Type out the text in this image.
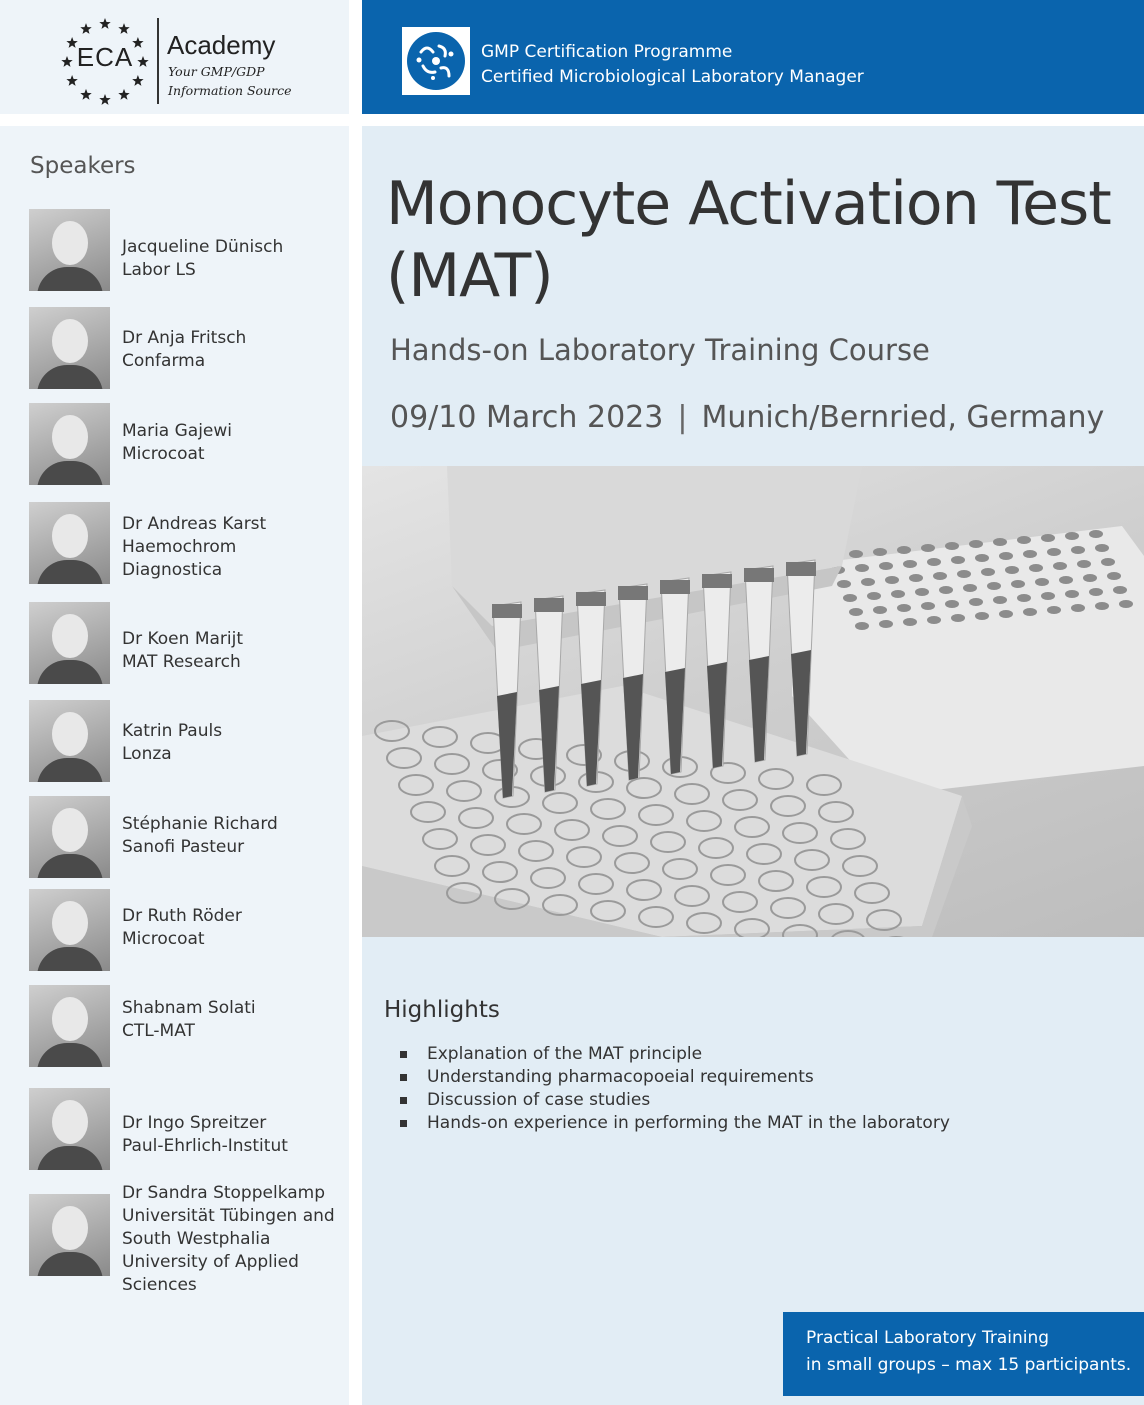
ECA	Academy
Your GMP/GDP
Information Source
GMP Certification Programme
Certified Microbiological Laboratory Manager
Speakers
Jacqueline Dünisch
Labor LS
Dr Anja Fritsch
Confarma
Maria Gajewi
Microcoat
Dr Andreas Karst
Haemochrom
Diagnostica
Dr Koen Marijt
MAT Research
Katrin Pauls
Lonza
Stéphanie Richard
Sanofi Pasteur
Dr Ruth Röder
Microcoat
Shabnam Solati
CTL-MAT
Dr Ingo Spreitzer
Paul-Ehrlich-Institut
Dr Sandra Stoppelkamp
Universität Tübingen and
South Westphalia
University of Applied
Sciences
Monocyte Activation Test
(MAT)
Hands-on Laboratory Training Course
09/10 March 2023 | Munich/Bernried, Germany
Highlights
Explanation of the MAT principle
Understanding pharmacopoeial requirements
Discussion of case studies
Hands-on experience in performing the MAT in the laboratory
Practical Laboratory Training
in small groups – max 15 participants.
